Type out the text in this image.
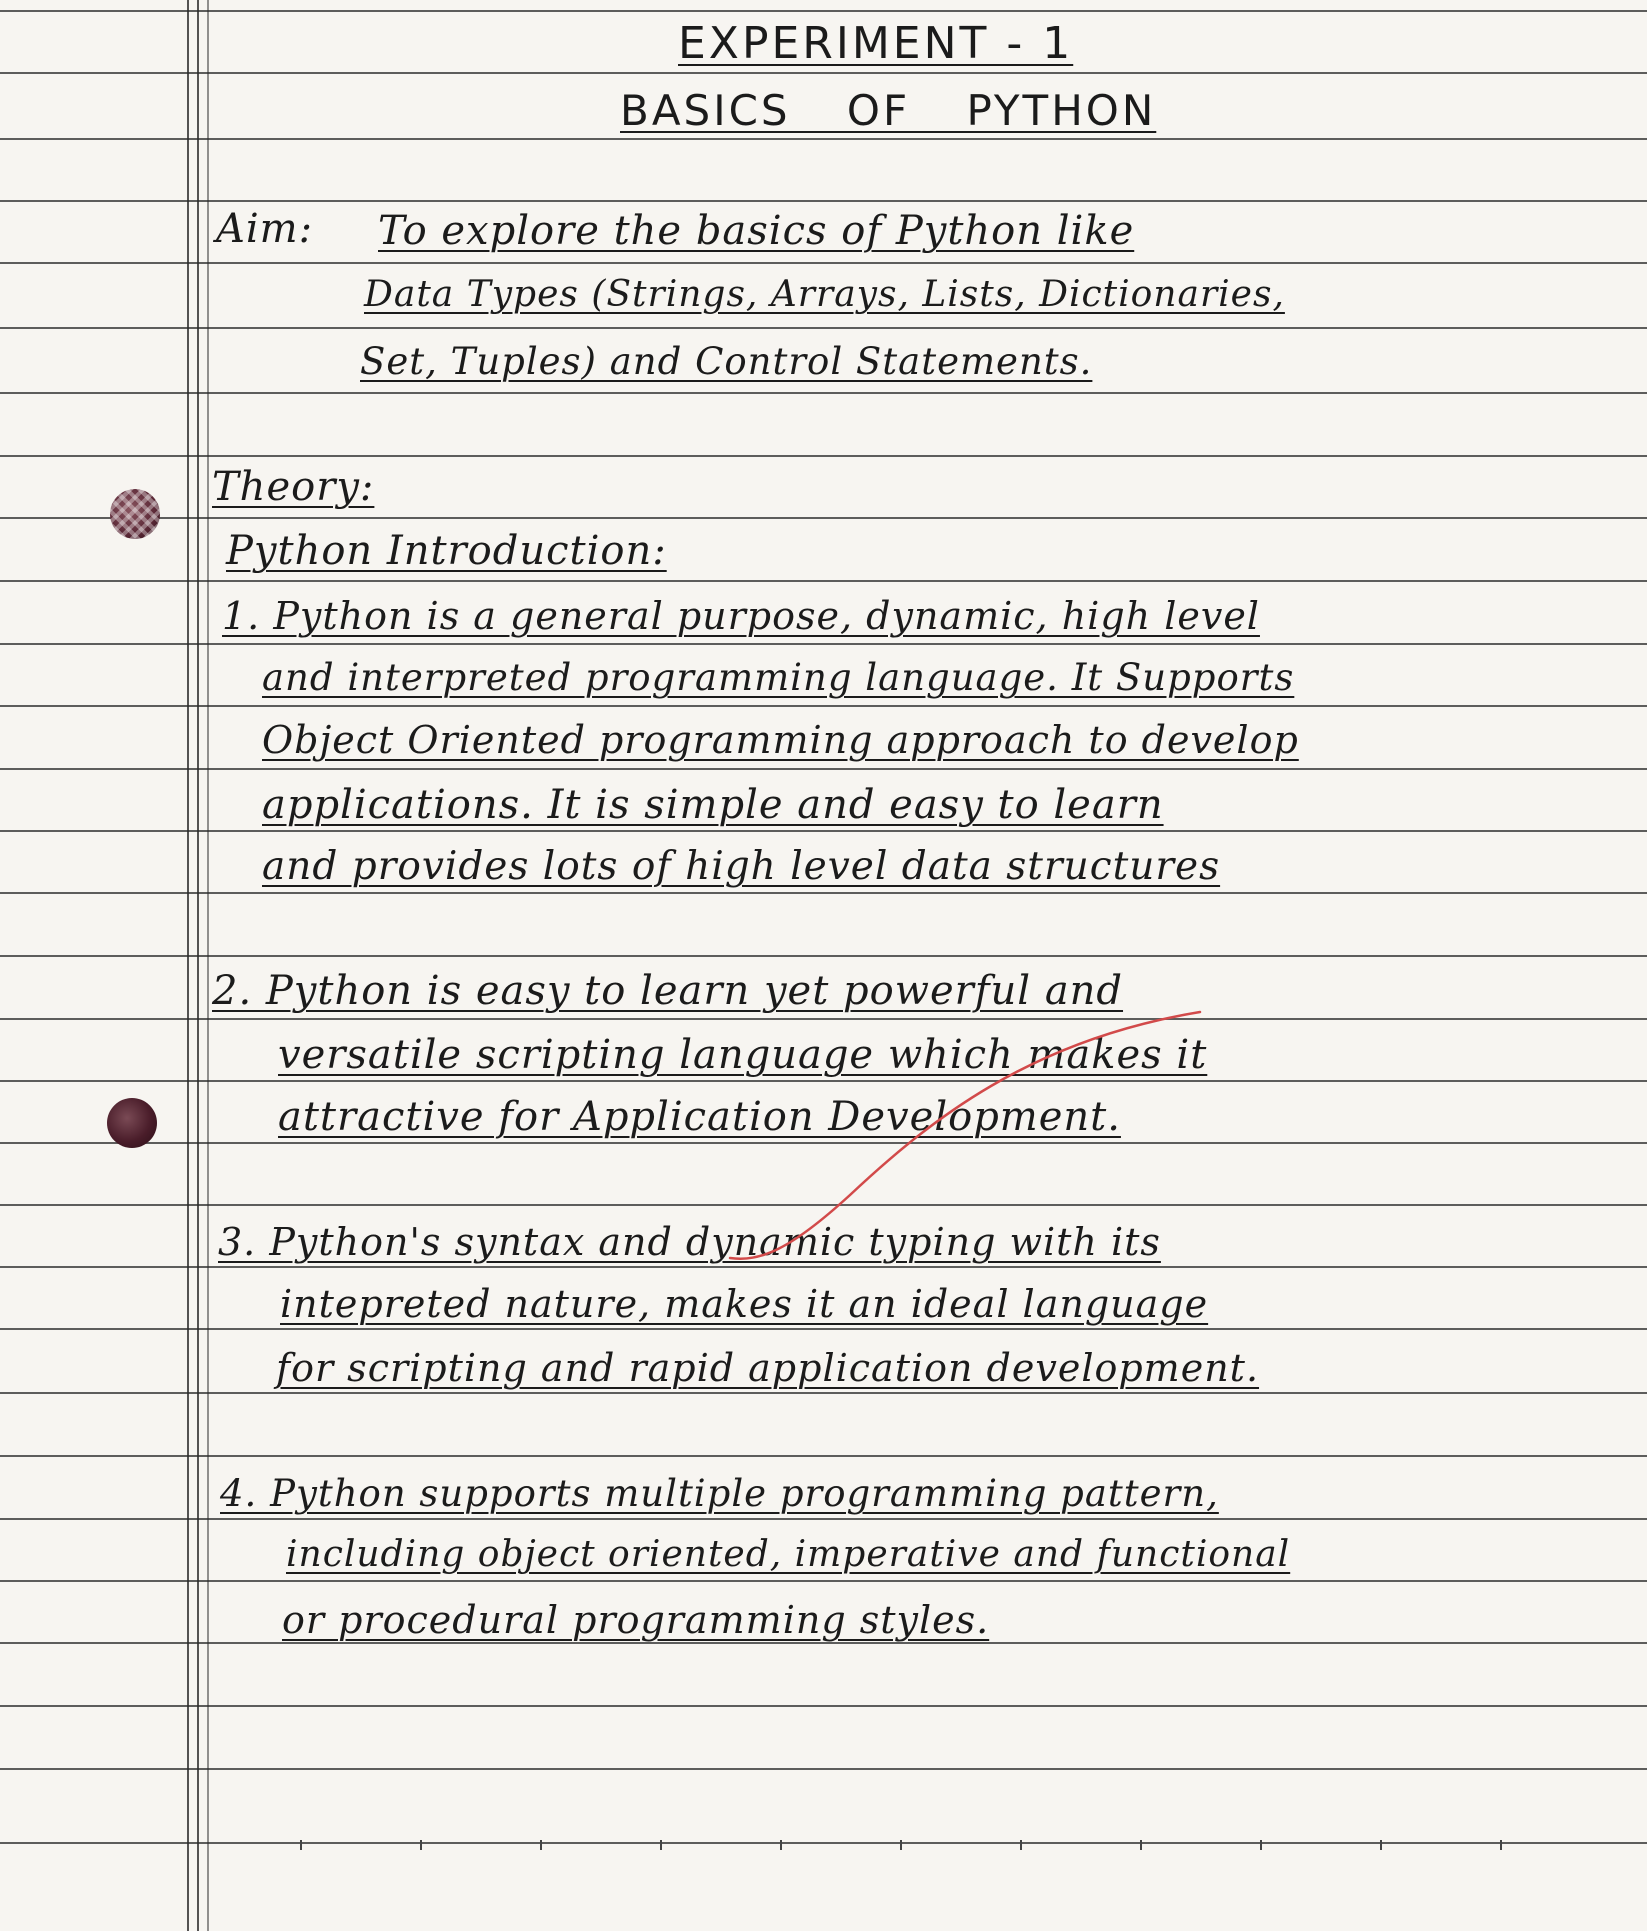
EXPERIMENT - 1
BASICS OF PYTHON
Aim: To explore the basics of Python like
Data Types (Strings, Arrays, Lists, Dictionaries,
Set, Tuples) and Control Statements.
Theory:
Python Introduction:
1. Python is a general purpose, dynamic, high level
and interpreted programming language. It Supports
Object Oriented programming approach to develop
applications. It is simple and easy to learn
and provides lots of high level data structures
2. Python is easy to learn yet powerful and
versatile scripting language which makes it
attractive for Application Development.
3. Python's syntax and dynamic typing with its
intepreted nature, makes it an ideal language
for scripting and rapid application development.
4. Python supports multiple programming pattern,
including object oriented, imperative and functional
or procedural programming styles.
